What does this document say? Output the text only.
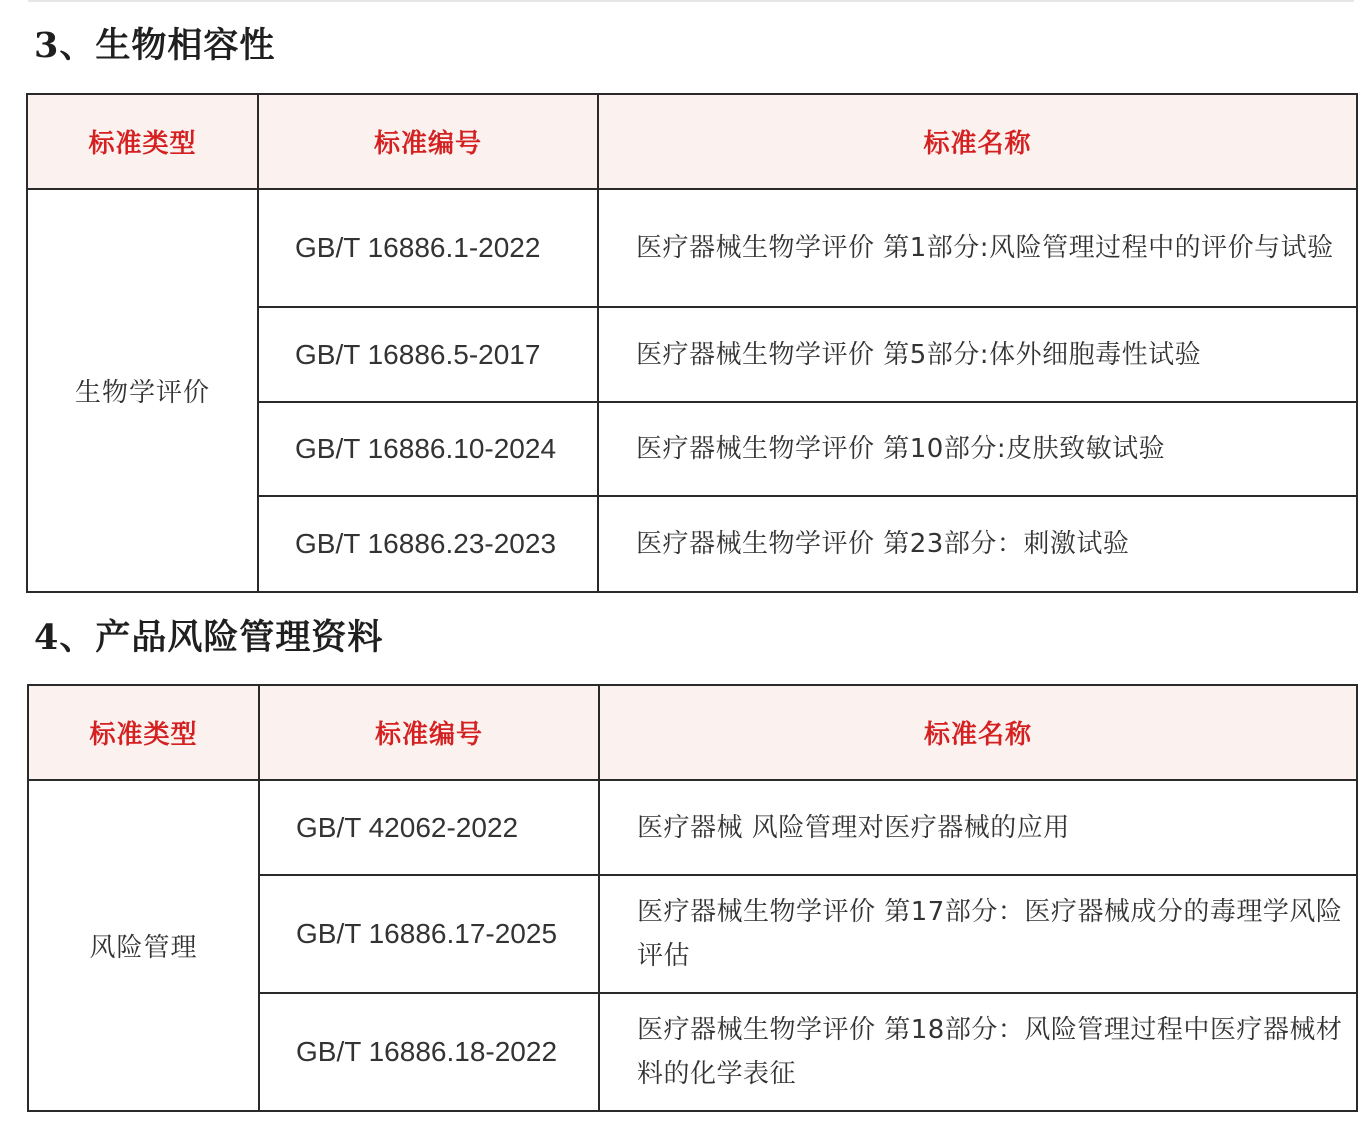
3、生物相容性
标准类型	标准编号	标准名称
生物学评价	GB/T 16886.1-2022	医疗器械生物学评价 第1部分:风险管理过程中的评价与试验
	GB/T 16886.5-2017	医疗器械生物学评价 第5部分:体外细胞毒性试验
	GB/T 16886.10-2024	医疗器械生物学评价 第10部分:皮肤致敏试验
	GB/T 16886.23-2023	医疗器械生物学评价 第23部分：刺激试验
4、产品风险管理资料
标准类型	标准编号	标准名称
风险管理	GB/T 42062-2022	医疗器械 风险管理对医疗器械的应用
	GB/T 16886.17-2025	医疗器械生物学评价 第17部分：医疗器械成分的毒理学风险评估
	GB/T 16886.18-2022	医疗器械生物学评价 第18部分：风险管理过程中医疗器械材料的化学表征
